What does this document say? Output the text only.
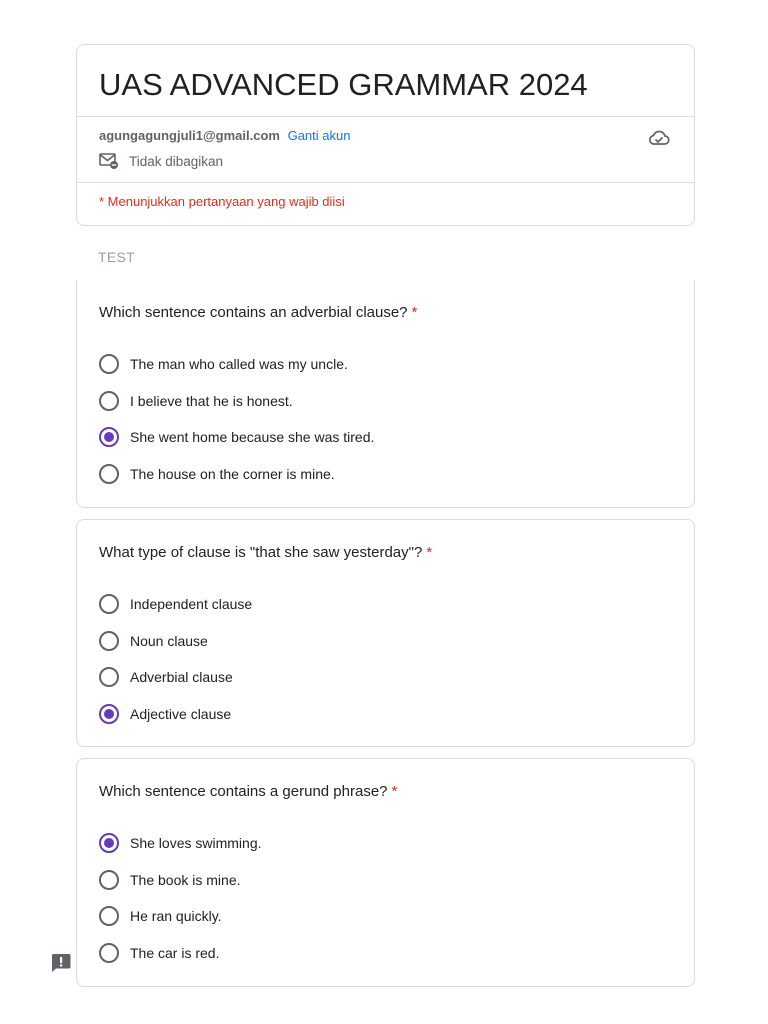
UAS ADVANCED GRAMMAR 2024
agungagungjuli1@gmail.com Ganti akun
Tidak dibagikan
* Menunjukkan pertanyaan yang wajib diisi
TEST
Which sentence contains an adverbial clause? *
The man who called was my uncle.
I believe that he is honest.
She went home because she was tired.
The house on the corner is mine.
What type of clause is "that she saw yesterday"? *
Independent clause
Noun clause
Adverbial clause
Adjective clause
Which sentence contains a gerund phrase? *
She loves swimming.
The book is mine.
He ran quickly.
The car is red.
